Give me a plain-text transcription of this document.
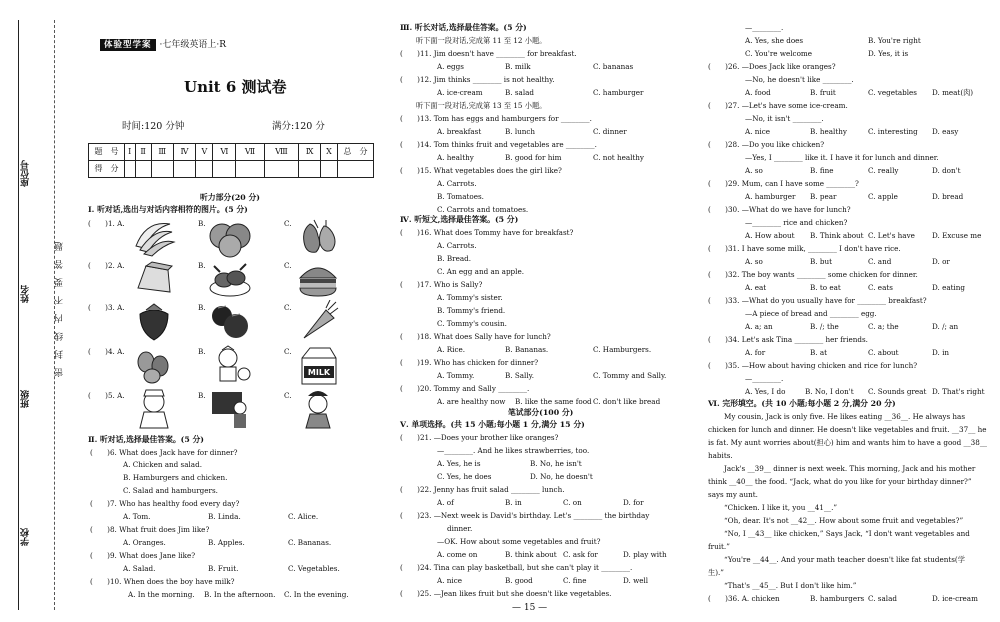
座位号
姓名
班级
学校
密　封　线　内　不　要　答　题
体验型学案 ·七年级英语上·R
Unit 6 测试卷
时间:120 分钟	满分:120 分
题　号	Ⅰ	Ⅱ	Ⅲ	Ⅳ	Ⅴ	Ⅵ	Ⅶ	Ⅷ	Ⅸ	Ⅹ	总　分
得　分											
听力部分(20 分)
Ⅰ. 听对话,选出与对话内容相符的图片。(5 分)
(　　)1. A.	B.	C.
(　　)2. A.	B.	C.
(　　)3. A.	B.	C.
(　　)4. A.	B.	C.
MILK
(　　)5. A.	B.	C.
Ⅱ. 听对话,选择最佳答案。(5 分)
(　　)6. What does Jack have for dinner?
A. Chicken and salad.
B. Hamburgers and chicken.
C. Salad and hamburgers.
(　　)7. Who has healthy food every day?
A. Tom.	B. Linda.	C. Alice.
(　　)8. What fruit does Jim like?
A. Oranges.	B. Apples.	C. Bananas.
(　　)9. What does Jane like?
A. Salad.	B. Fruit.	C. Vegetables.
(　　)10. When does the boy have milk?
A. In the morning. B. In the afternoon. C. In the evening.
Ⅲ. 听长对话,选择最佳答案。(5 分)
听下面一段对话,完成第 11 至 12 小题。
(　　)11. Jim doesn't have ________ for breakfast.
A. eggs	B. milk	C. bananas
(　　)12. Jim thinks ________ is not healthy.
A. ice-cream	B. salad	C. hamburger
听下面一段对话,完成第 13 至 15 小题。
(　　)13. Tom has eggs and hamburgers for ________.
A. breakfast	B. lunch	C. dinner
(　　)14. Tom thinks fruit and vegetables are ________.
A. healthy	B. good for him	C. not healthy
(　　)15. What vegetables does the girl like?
A. Carrots.
B. Tomatoes.
C. Carrots and tomatoes.
Ⅳ. 听短文,选择最佳答案。(5 分)
(　　)16. What does Tommy have for breakfast?
A. Carrots.
B. Bread.
C. An egg and an apple.
(　　)17. Who is Sally?
A. Tommy's sister.
B. Tommy's friend.
C. Tommy's cousin.
(　　)18. What does Sally have for lunch?
A. Rice.	B. Bananas.	C. Hamburgers.
(　　)19. Who has chicken for dinner?
A. Tommy.	B. Sally.	C. Tommy and Sally.
(　　)20. Tommy and Sally ________.
A. are healthy now B. like the same food C. don't like bread
笔试部分(100 分)
Ⅴ. 单项选择。(共 15 小题;每小题 1 分,满分 15 分)
(　　)21. —Does your brother like oranges?
—________. And he likes strawberries, too.
A. Yes, he is	B. No, he isn't
C. Yes, he does	D. No, he doesn't
(　　)22. Jenny has fruit salad ________ lunch.
A. of	B. in	C. on	D. for
(　　)23. —Next week is David's birthday. Let's ________ the birthday
dinner.
—OK. How about some vegetables and fruit?
A. come on	B. think about C. ask for	D. play with
(　　)24. Tina can play basketball, but she can't play it ________.
A. nice	B. good	C. fine	D. well
(　　)25. —Jean likes fruit but she doesn't like vegetables.
— 15 —
—________.
A. Yes, she does	B. You're right
C. You're welcome	D. Yes, it is
(　　)26. —Does Jack like oranges?
—No, he doesn't like ________.
A. food	B. fruit	C. vegetables D. meat(肉)
(　　)27. —Let's have some ice-cream.
—No, it isn't ________.
A. nice	B. healthy	C. interesting D. easy
(　　)28. —Do you like chicken?
—Yes, I ________ like it. I have it for lunch and dinner.
A. so	B. fine	C. really	D. don't
(　　)29. Mum, can I have some ________?
A. hamburger B. pear	C. apple	D. bread
(　　)30. —What do we have for lunch?
—________ rice and chicken?
A. How about B. Think about C. Let's have D. Excuse me
(　　)31. I have some milk, ________ I don't have rice.
A. so	B. but	C. and	D. or
(　　)32. The boy wants ________ some chicken for dinner.
A. eat	B. to eat	C. eats	D. eating
(　　)33. —What do you usually have for ________ breakfast?
—A piece of bread and ________ egg.
A. a; an	B. /; the	C. a; the	D. /; an
(　　)34. Let's ask Tina ________ her friends.
A. for	B. at	C. about	D. in
(　　)35. —How about having chicken and rice for lunch?
—________.
A. Yes, I do	B. No, I don't C. Sounds great D. That's right
Ⅵ. 完形填空。(共 10 小题;每小题 2 分,满分 20 分)
My cousin, Jack is only five. He likes eating __36__. He always has
chicken for lunch and dinner. He doesn't like vegetables and fruit. __37__ he
is fat. My aunt worries about(担心) him and wants him to have a good __38__
habits.
Jack's __39__ dinner is next week. This morning, Jack and his mother
think __40__ the food. “Jack, what do you like for your birthday dinner?”
says my aunt.
“Chicken. I like it, you __41__.”
“Oh, dear. It's not __42__. How about some fruit and vegetables?”
“No, I __43__ like chicken,” Says Jack, “I don't want vegetables and
fruit.”
“You're __44__. And your math teacher doesn't like fat students(学
生).”
“That's __45__. But I don't like him.”
(　　)36. A. chicken	B. hamburgers C. salad	D. ice-cream
